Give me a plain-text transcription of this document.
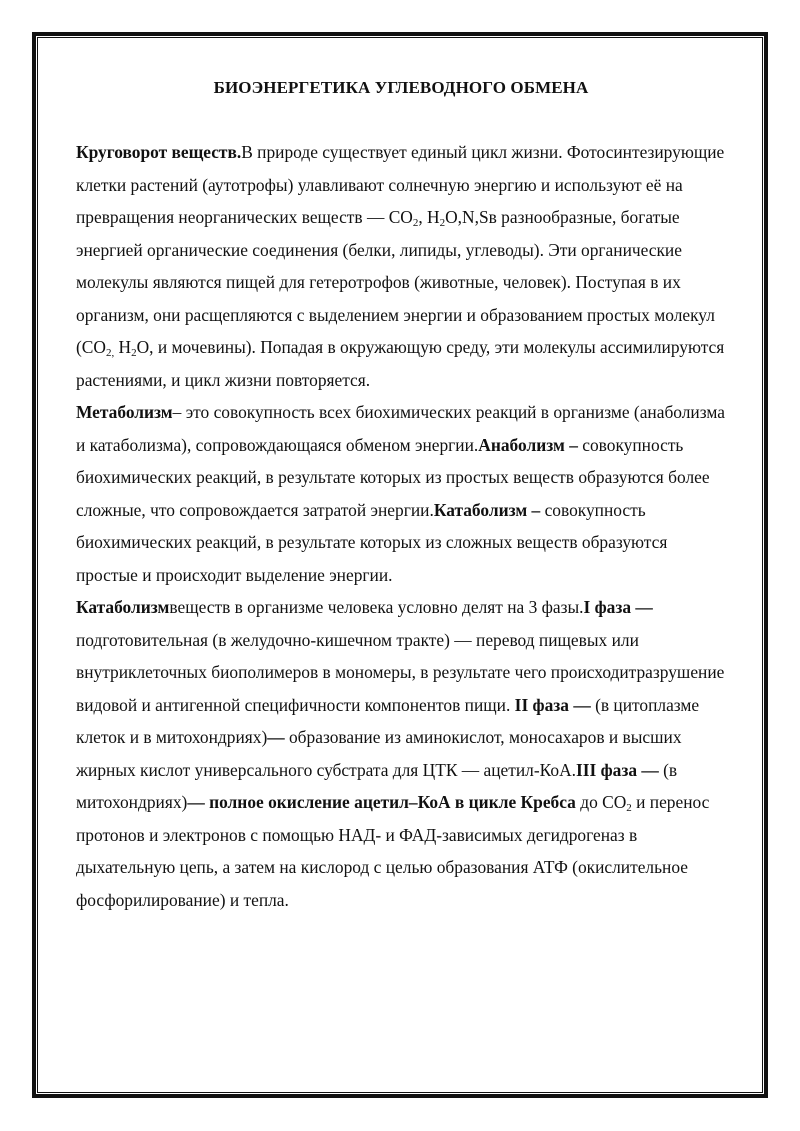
БИОЭНЕРГЕТИКА УГЛЕВОДНОГО ОБМЕНА

Круговорот веществ.В природе существует единый цикл жизни. Фотосинтезирующие клетки растений (аутотрофы) улавливают солнечную энергию и используют её на превращения неорганических веществ — $CO_2$, $H_2O,N,Sв$ разнообразные, богатые энергией органические соединения (белки, липиды, углеводы). Эти органические молекулы являются пищей для гетеротрофов (животные, человек). Поступая в их организм, они расщепляются с выделением энергии и образованием простых молекул ($CO_{2,}$ $H_2O$, и мочевины). Попадая в окружающую среду, эти молекулы ассимилируются растениями, и цикл жизни повторяется.

Метаболизм– это совокупность всех биохимических реакций в организме (анаболизма и катаболизма), сопровождающаяся обменом энергии.Анаболизм – совокупность биохимических реакций, в результате которых из простых веществ образуются более сложные, что сопровождается затратой энергии.Катаболизм – совокупность биохимических реакций, в результате которых из сложных веществ образуются простые и происходит выделение энергии.

Катаболизмвеществ в организме человека условно делят на 3 фазы.I фаза — подготовительная (в желудочно-кишечном тракте) — перевод пищевых или внутриклеточных биополимеров в мономеры, в результате чего происходитразрушение видовой и антигенной специфичности компонентов пищи. II фаза — (в цитоплазме клеток и в митохондриях)— образование из аминокислот, моносахаров и высших жирных кислот универсального субстрата для ЦТК — ацетил-КоА.III фаза — (в митохондриях)— полное окисление ацетил–КоА в цикле Кребса до $CO_2$ и перенос протонов и электронов с помощью НАД- и ФАД-зависимых дегидрогеназ в дыхательную цепь, а затем на кислород с целью образования АТФ (окислительное фосфорилирование) и тепла.
